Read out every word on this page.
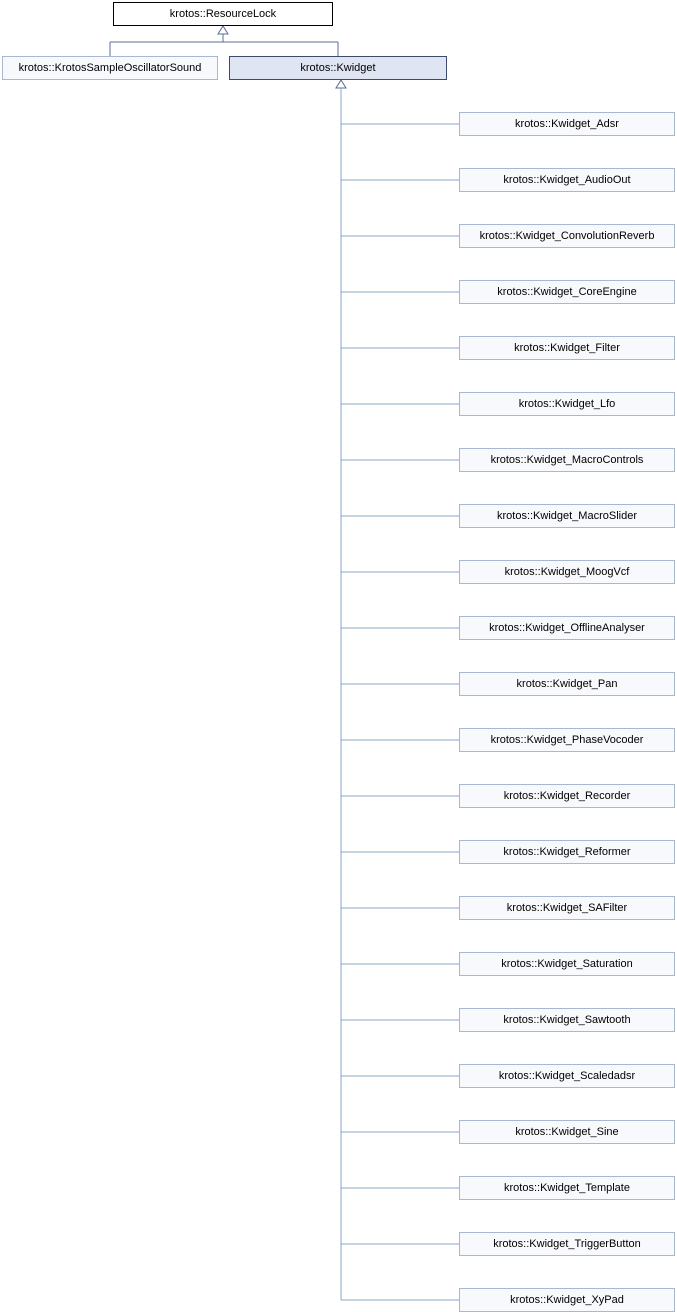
krotos::ResourceLock
krotos::KrotosSampleOscillatorSound	krotos::Kwidget
krotos::Kwidget_Adsr
krotos::Kwidget_AudioOut
krotos::Kwidget_ConvolutionReverb
krotos::Kwidget_CoreEngine
krotos::Kwidget_Filter
krotos::Kwidget_Lfo
krotos::Kwidget_MacroControls
krotos::Kwidget_MacroSlider
krotos::Kwidget_MoogVcf
krotos::Kwidget_OfflineAnalyser
krotos::Kwidget_Pan
krotos::Kwidget_PhaseVocoder
krotos::Kwidget_Recorder
krotos::Kwidget_Reformer
krotos::Kwidget_SAFilter
krotos::Kwidget_Saturation
krotos::Kwidget_Sawtooth
krotos::Kwidget_Scaledadsr
krotos::Kwidget_Sine
krotos::Kwidget_Template
krotos::Kwidget_TriggerButton
krotos::Kwidget_XyPad
